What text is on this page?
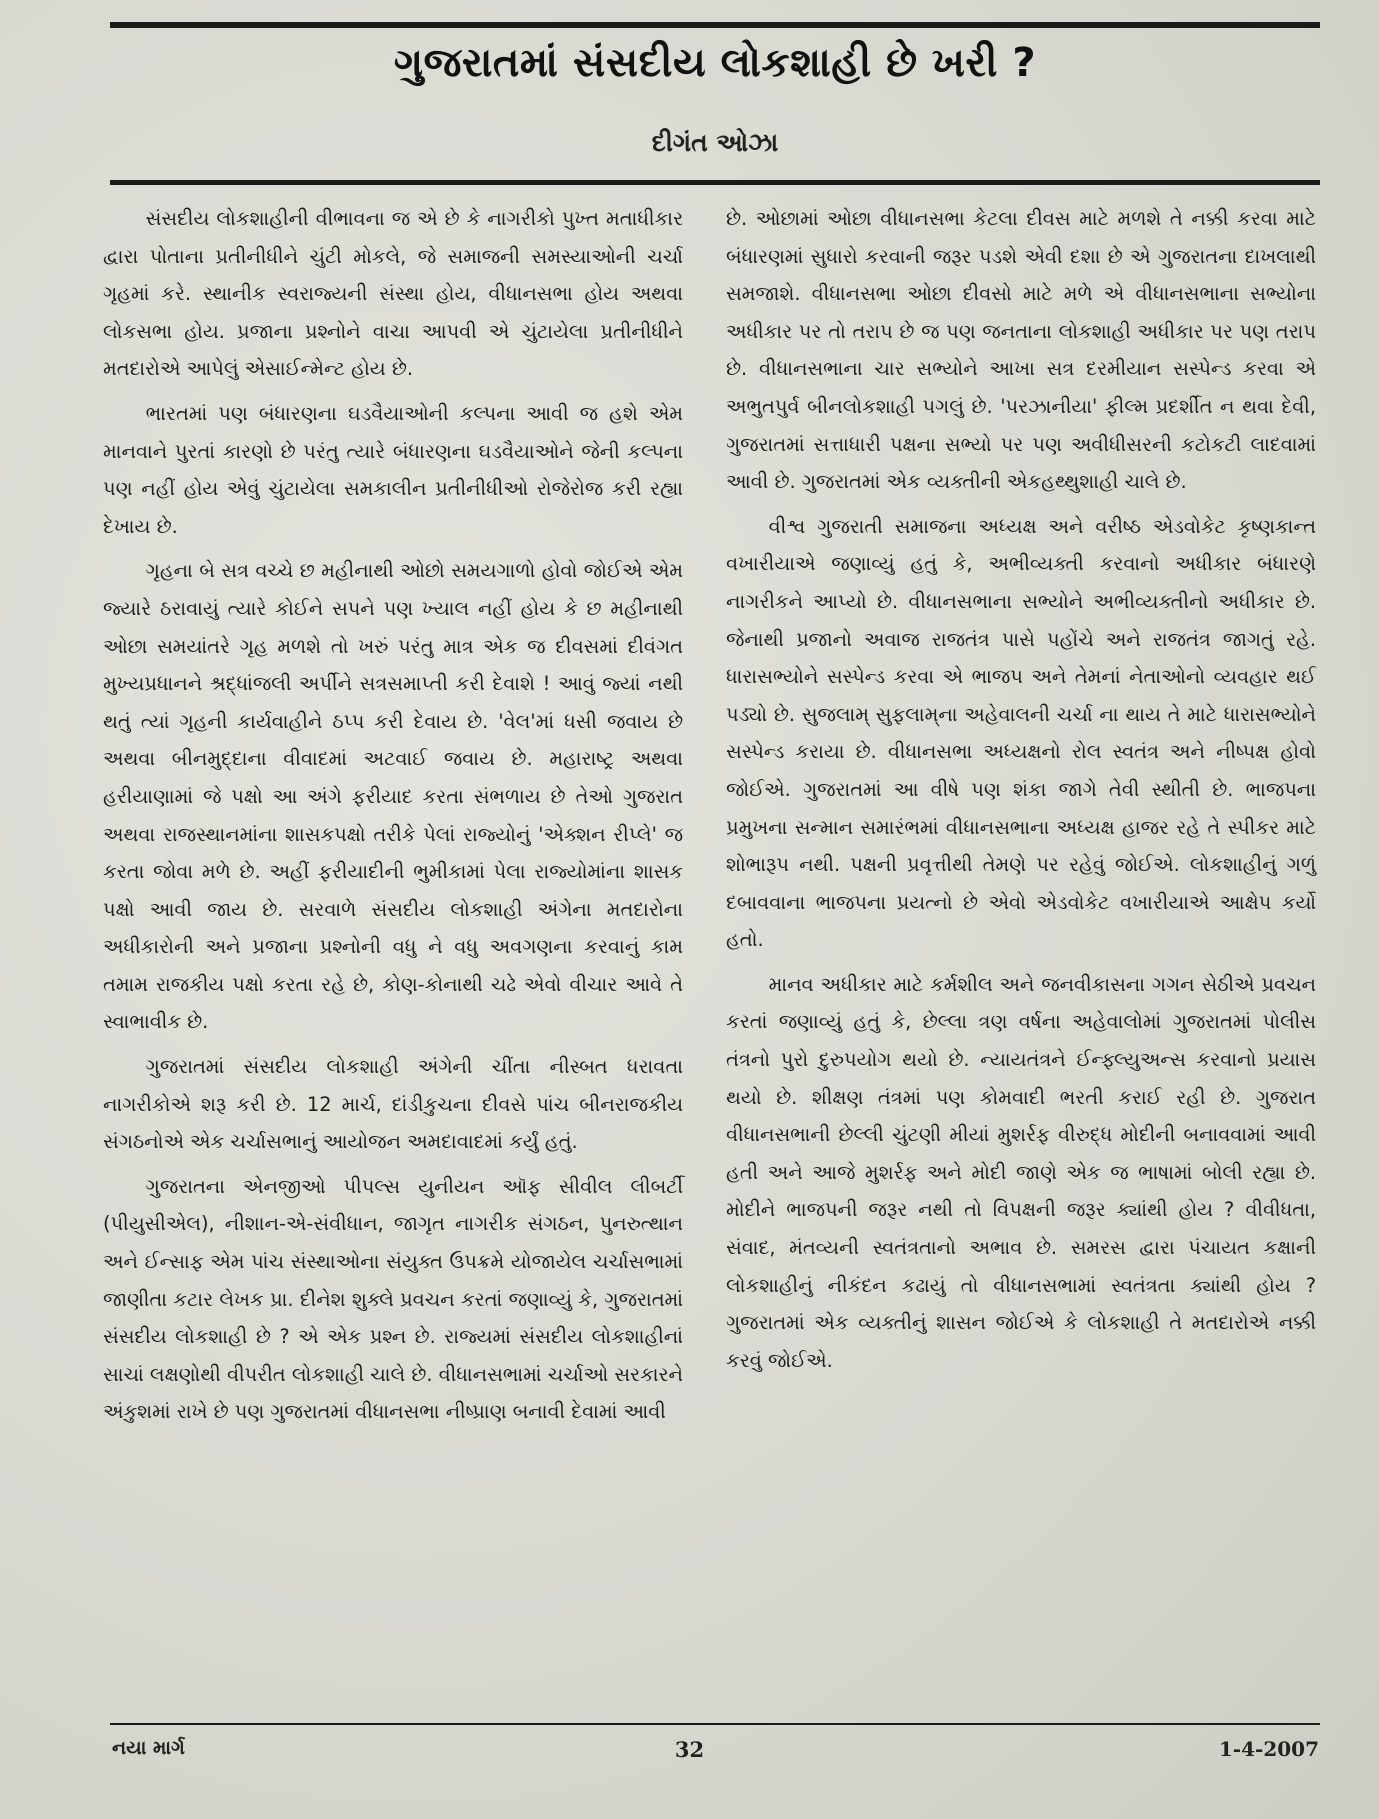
ગુજરાતમાં સંસદીય લોકશાહી છે ખરી ?
દીગંત ઓઝા

સંસદીય લોકશાહીની વીભાવના જ એ છે કે નાગરીકો પુખ્ત મતાધીકાર દ્વારા પોતાના પ્રતીનીધીને ચુંટી મોકલે, જે સમાજની સમસ્યાઓની ચર્ચા ગૃહમાં કરે. સ્થાનીક સ્વરાજ્યની સંસ્થા હોય, વીધાનસભા હોય અથવા લોકસભા હોય. પ્રજાના પ્રશ્નોને વાચા આપવી એ ચુંટાયેલા પ્રતીનીધીને મતદારોએ આપેલું એસાઈન્મેન્ટ હોય છે.

ભારતમાં પણ બંધારણના ઘડવૈયાઓની કલ્પના આવી જ હશે એમ માનવાને પુરતાં કારણો છે પરંતુ ત્યારે બંધારણના ઘડવૈયાઓને જેની કલ્પના પણ નહીં હોય એવું ચુંટાયેલા સમકાલીન પ્રતીનીધીઓ રોજેરોજ કરી રહ્યા દેખાય છે.

ગૃહના બે સત્ર વચ્ચે છ મહીનાથી ઓછો સમયગાળો હોવો જોઈએ એમ જ્યારે ઠરાવાયું ત્યારે કોઈને સપને પણ ખ્યાલ નહીં હોય કે છ મહીનાથી ઓછા સમયાંતરે ગૃહ મળશે તો ખરું પરંતુ માત્ર એક જ દીવસમાં દીવંગત મુખ્યપ્રધાનને શ્રદ્ધાંજલી અર્પીને સત્રસમાપ્તી કરી દેવાશે ! આવું જ્યાં નથી થતું ત્યાં ગૃહની કાર્યવાહીને ઠપ્પ કરી દેવાય છે. 'વેલ'માં ધસી જવાય છે અથવા બીનમુદ્દાના વીવાદમાં અટવાઈ જવાય છે. મહારાષ્ટ્ર અથવા હરીયાણામાં જે પક્ષો આ અંગે ફરીયાદ કરતા સંભળાય છે તેઓ ગુજરાત અથવા રાજસ્થાનમાંના શાસકપક્ષો તરીકે પેલાં રાજ્યોનું 'એક્શન રીપ્લે' જ કરતા જોવા મળે છે. અહીં ફરીયાદીની ભુમીકામાં પેલા રાજ્યોમાંના શાસક પક્ષો આવી જાય છે. સરવાળે સંસદીય લોકશાહી અંગેના મતદારોના અધીકારોની અને પ્રજાના પ્રશ્નોની વધુ ને વધુ અવગણના કરવાનું કામ તમામ રાજકીય પક્ષો કરતા રહે છે, કોણ-કોનાથી ચઢે એવો વીચાર આવે તે સ્વાભાવીક છે.

ગુજરાતમાં સંસદીય લોકશાહી અંગેની ચીંતા નીસ્બત ધરાવતા નાગરીકોએ શરૂ કરી છે. 12 માર્ચ, દાંડીકુચના દીવસે પાંચ બીનરાજકીય સંગઠનોએ એક ચર્ચાસભાનું આયોજન અમદાવાદમાં કર્યું હતું.

ગુજરાતના એનજીઓ પીપલ્સ યુનીયન ઑફ સીવીલ લીબર્ટી (પીયુસીએલ), નીશાન-એ-સંવીધાન, જાગૃત નાગરીક સંગઠન, પુનરુત્થાન અને ઈન્સાફ એમ પાંચ સંસ્થાઓના સંયુક્ત ઉપક્રમે યોજાયેલ ચર્ચાસભામાં જાણીતા કટાર લેખક પ્રા. દીનેશ શુક્લે પ્રવચન કરતાં જણાવ્યું કે, ગુજરાતમાં સંસદીય લોકશાહી છે ? એ એક પ્રશ્ન છે. રાજ્યમાં સંસદીય લોકશાહીનાં સાચાં લક્ષણોથી વીપરીત લોકશાહી ચાલે છે. વીધાનસભામાં ચર્ચાઓ સરકારને અંકુશમાં રાખે છે પણ ગુજરાતમાં વીધાનસભા નીષ્પ્રાણ બનાવી દેવામાં આવી

છે. ઓછામાં ઓછા વીધાનસભા કેટલા દીવસ માટે મળશે તે નક્કી કરવા માટે બંધારણમાં સુધારો કરવાની જરૂર પડશે એવી દશા છે એ ગુજરાતના દાખલાથી સમજાશે. વીધાનસભા ઓછા દીવસો માટે મળે એ વીધાનસભાના સભ્યોના અધીકાર પર તો તરાપ છે જ પણ જનતાના લોકશાહી અધીકાર પર પણ તરાપ છે. વીધાનસભાના ચાર સભ્યોને આખા સત્ર દરમીયાન સસ્પેન્ડ કરવા એ અભુતપુર્વ બીનલોકશાહી પગલું છે. 'પરઝાનીયા' ફીલ્મ પ્રદર્શીત ન થવા દેવી, ગુજરાતમાં સત્તાધારી પક્ષના સભ્યો પર પણ અવીધીસરની કટોકટી લાદવામાં આવી છે. ગુજરાતમાં એક વ્યક્તીની એકહથ્થુશાહી ચાલે છે.

વીશ્વ ગુજરાતી સમાજના અધ્યક્ષ અને વરીષ્ઠ એડવોકેટ કૃષ્ણકાન્ત વખારીયાએ જણાવ્યું હતું કે, અભીવ્યક્તી કરવાનો અધીકાર બંધારણે નાગરીકને આપ્યો છે. વીધાનસભાના સભ્યોને અભીવ્યક્તીનો અધીકાર છે. જેનાથી પ્રજાનો અવાજ રાજતંત્ર પાસે પહોંચે અને રાજતંત્ર જાગતું રહે. ધારાસભ્યોને સસ્પેન્ડ કરવા એ ભાજપ અને તેમનાં નેતાઓનો વ્યવહાર થઈ પડ્યો છે. સુજલામ્ સુફલામ્‌ના અહેવાલની ચર્ચા ના થાય તે માટે ધારાસભ્યોને સસ્પેન્ડ કરાયા છે. વીધાનસભા અધ્યક્ષનો રોલ સ્વતંત્ર અને નીષ્પક્ષ હોવો જોઈએ. ગુજરાતમાં આ વીષે પણ શંકા જાગે તેવી સ્થીતી છે. ભાજપના પ્રમુખના સન્માન સમારંભમાં વીધાનસભાના અધ્યક્ષ હાજર રહે તે સ્પીકર માટે શોભારૂપ નથી. પક્ષની પ્રવૃત્તીથી તેમણે પર રહેવું જોઈએ. લોકશાહીનું ગળું દબાવવાના ભાજપના પ્રયત્નો છે એવો એડવોકેટ વખારીયાએ આક્ષેપ કર્યો હતો.

માનવ અધીકાર માટે કર્મશીલ અને જનવીકાસના ગગન સેઠીએ પ્રવચન કરતાં જણાવ્યું હતું કે, છેલ્લા ત્રણ વર્ષના અહેવાલોમાં ગુજરાતમાં પોલીસ તંત્રનો પુરો દુરુપયોગ થયો છે. ન્યાયતંત્રને ઈન્ફ્લ્યુઅન્સ કરવાનો પ્રયાસ થયો છે. શીક્ષણ તંત્રમાં પણ કોમવાદી ભરતી કરાઈ રહી છે. ગુજરાત વીધાનસભાની છેલ્લી ચુંટણી મીયાં મુશર્રફ વીરુદ્ધ મોદીની બનાવવામાં આવી હતી અને આજે મુશર્રફ અને મોદી જાણે એક જ ભાષામાં બોલી રહ્યા છે. મોદીને ભાજપની જરૂર નથી તો વિપક્ષની જરૂર ક્યાંથી હોય ? વીવીધતા, સંવાદ, મંતવ્યની સ્વતંત્રતાનો અભાવ છે. સમરસ દ્વારા પંચાયત કક્ષાની લોકશાહીનું નીકંદન કઢાયું તો વીધાનસભામાં સ્વતંત્રતા ક્યાંથી હોય ? ગુજરાતમાં એક વ્યક્તીનું શાસન જોઈએ કે લોકશાહી તે મતદારોએ નક્કી કરવું જોઈએ.

નયા માર્ગ	32	1-4-2007
